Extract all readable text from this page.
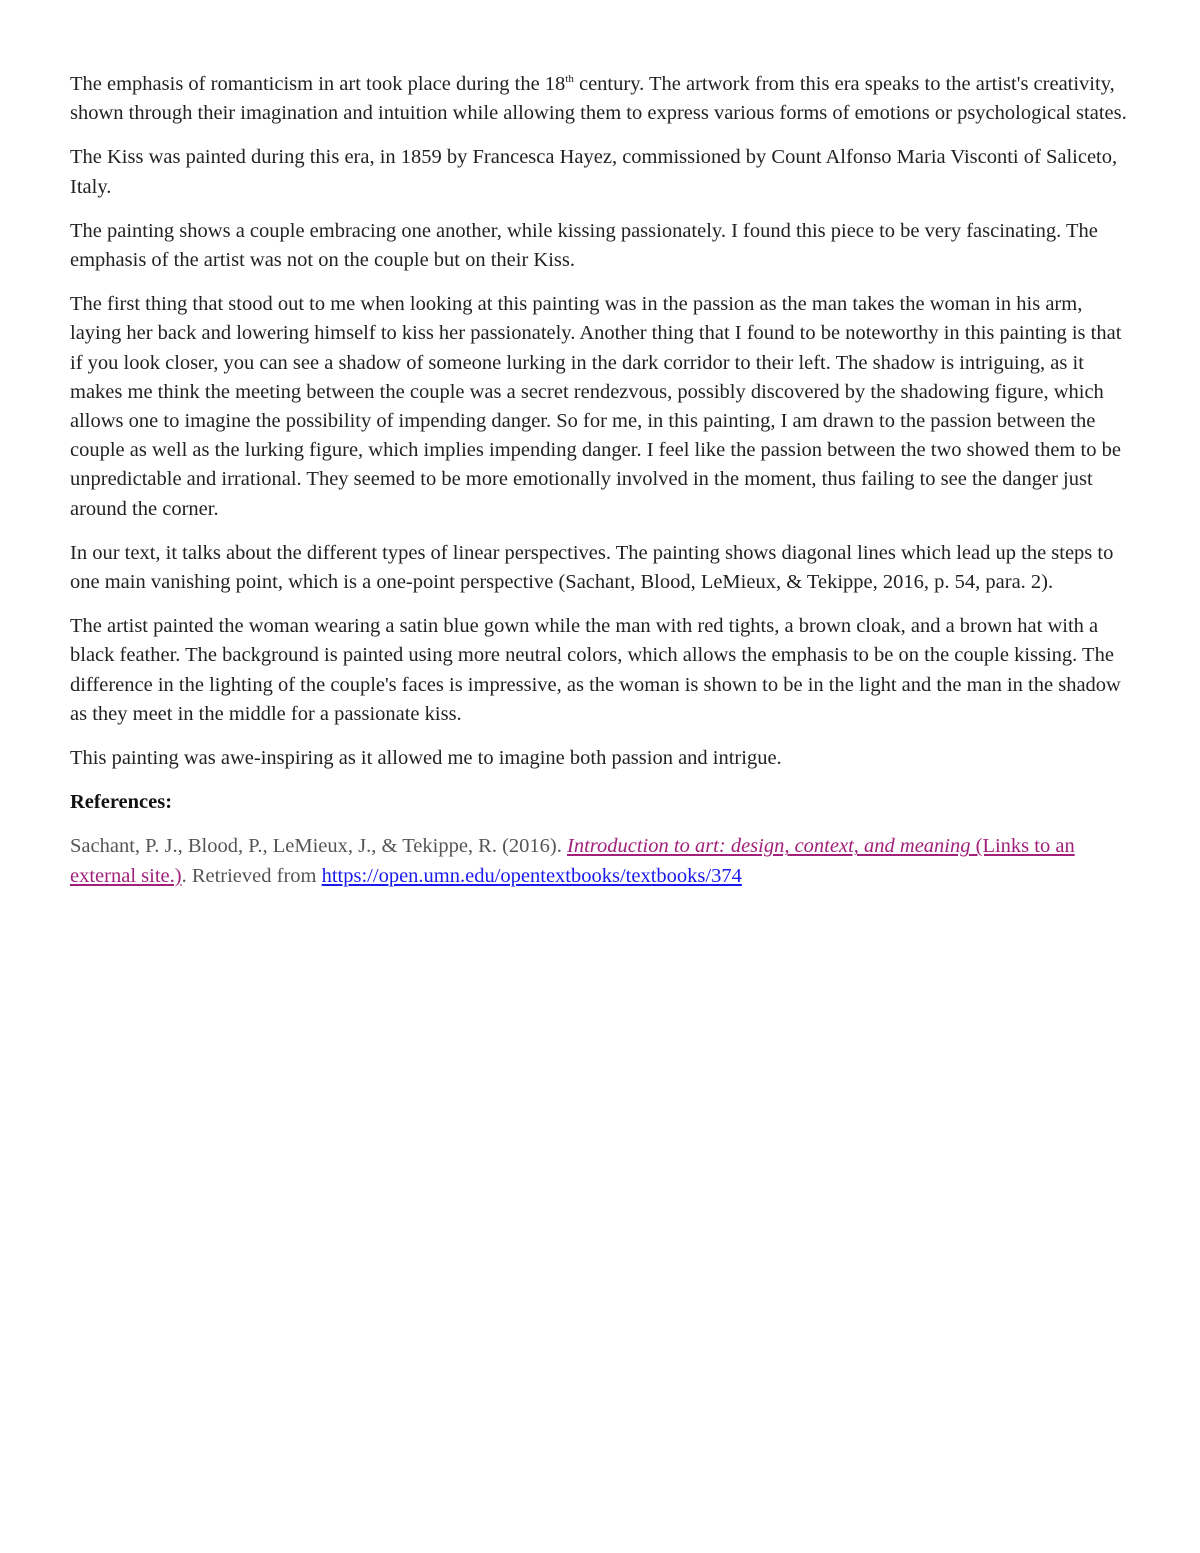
The emphasis of romanticism in art took place during the 18th century. The artwork from this era speaks to the artist's creativity, shown through their imagination and intuition while allowing them to express various forms of emotions or psychological states.

The Kiss was painted during this era, in 1859 by Francesca Hayez, commissioned by Count Alfonso Maria Visconti of Saliceto, Italy.

The painting shows a couple embracing one another, while kissing passionately. I found this piece to be very fascinating. The emphasis of the artist was not on the couple but on their Kiss.

The first thing that stood out to me when looking at this painting was in the passion as the man takes the woman in his arm, laying her back and lowering himself to kiss her passionately. Another thing that I found to be noteworthy in this painting is that if you look closer, you can see a shadow of someone lurking in the dark corridor to their left. The shadow is intriguing, as it makes me think the meeting between the couple was a secret rendezvous, possibly discovered by the shadowing figure, which allows one to imagine the possibility of impending danger. So for me, in this painting, I am drawn to the passion between the couple as well as the lurking figure, which implies impending danger. I feel like the passion between the two showed them to be unpredictable and irrational. They seemed to be more emotionally involved in the moment, thus failing to see the danger just around the corner.

In our text, it talks about the different types of linear perspectives. The painting shows diagonal lines which lead up the steps to one main vanishing point, which is a one-point perspective (Sachant, Blood, LeMieux, & Tekippe, 2016, p. 54, para. 2).

The artist painted the woman wearing a satin blue gown while the man with red tights, a brown cloak, and a brown hat with a black feather. The background is painted using more neutral colors, which allows the emphasis to be on the couple kissing. The difference in the lighting of the couple's faces is impressive, as the woman is shown to be in the light and the man in the shadow as they meet in the middle for a passionate kiss.

This painting was awe-inspiring as it allowed me to imagine both passion and intrigue.

References:

Sachant, P. J., Blood, P., LeMieux, J., & Tekippe, R. (2016). Introduction to art: design, context, and meaning (Links to an external site.). Retrieved from https://open.umn.edu/opentextbooks/textbooks/374
